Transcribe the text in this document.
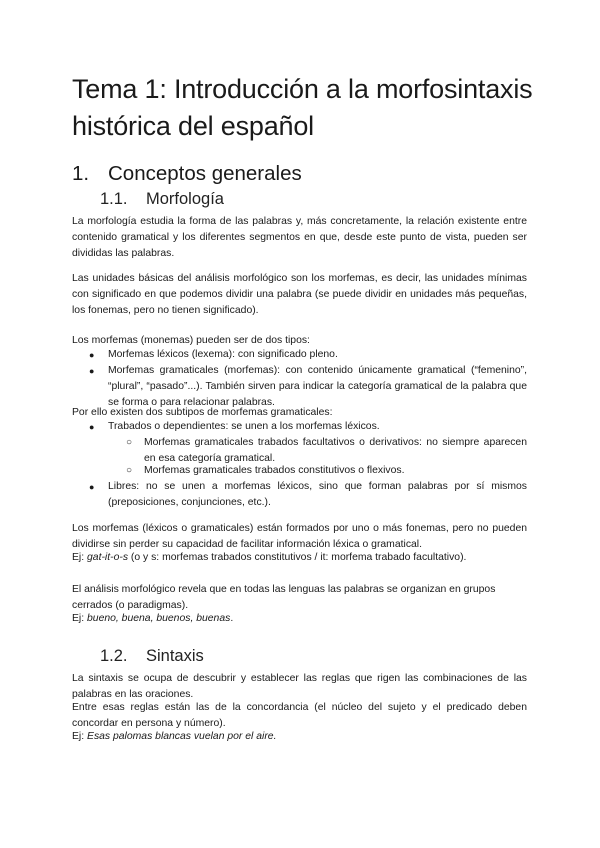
Tema 1: Introducción a la morfosintaxis histórica del español
1. Conceptos generales
1.1. Morfología

La morfología estudia la forma de las palabras y, más concretamente, la relación existente entre contenido gramatical y los diferentes segmentos en que, desde este punto de vista, pueden ser divididas las palabras.

Las unidades básicas del análisis morfológico son los morfemas, es decir, las unidades mínimas con significado en que podemos dividir una palabra (se puede dividir en unidades más pequeñas, los fonemas, pero no tienen significado).

Los morfemas (monemas) pueden ser de dos tipos:

● Morfemas léxicos (lexema): con significado pleno.

● Morfemas gramaticales (morfemas): con contenido únicamente gramatical (“femenino”, “plural”, “pasado”...). También sirven para indicar la categoría gramatical de la palabra que se forma o para relacionar palabras.

Por ello existen dos subtipos de morfemas gramaticales:

● Trabados o dependientes: se unen a los morfemas léxicos.

○ Morfemas gramaticales trabados facultativos o derivativos: no siempre aparecen en esa categoría gramatical.

○ Morfemas gramaticales trabados constitutivos o flexivos.

● Libres: no se unen a morfemas léxicos, sino que forman palabras por sí mismos (preposiciones, conjunciones, etc.).

Los morfemas (léxicos o gramaticales) están formados por uno o más fonemas, pero no pueden dividirse sin perder su capacidad de facilitar información léxica o gramatical.

Ej: gat-it-o-s (o y s: morfemas trabados constitutivos / it: morfema trabado facultativo).

El análisis morfológico revela que en todas las lenguas las palabras se organizan en grupos cerrados (o paradigmas).

Ej: bueno, buena, buenos, buenas.

1.2. Sintaxis

La sintaxis se ocupa de descubrir y establecer las reglas que rigen las combinaciones de las palabras en las oraciones.

Entre esas reglas están las de la concordancia (el núcleo del sujeto y el predicado deben concordar en persona y número).

Ej: Esas palomas blancas vuelan por el aire.
